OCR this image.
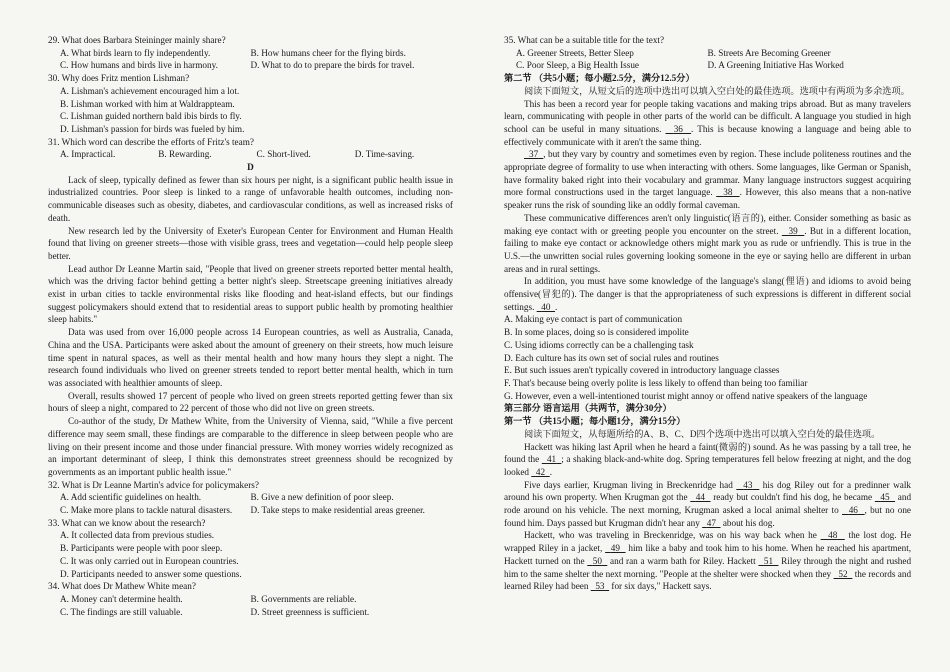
29. What does Barbara Steininger mainly share?
A. What birds learn to fly independently.	B. How humans cheer for the flying birds.
C. How humans and birds live in harmony.	D. What to do to prepare the birds for travel.
30. Why does Fritz mention Lishman?
A. Lishman's achievement encouraged him a lot.
B. Lishman worked with him at Waldrappteam.
C. Lishman guided northern bald ibis birds to fly.
D. Lishman's passion for birds was fueled by him.
31. Which word can describe the efforts of Fritz's team?
A. Impractical.	B. Rewarding.	C. Short-lived.	D. Time-saving.
D
Lack of sleep, typically defined as fewer than six hours per night, is a significant public health issue in industrialized countries. Poor sleep is linked to a range of unfavorable health outcomes, including non-communicable diseases such as obesity, diabetes, and cardiovascular conditions, as well as increased risks of death.
New research led by the University of Exeter's European Center for Environment and Human Health found that living on greener streets—those with visible grass, trees and vegetation—could help people sleep better.
Lead author Dr Leanne Martin said, "People that lived on greener streets reported better mental health, which was the driving factor behind getting a better night's sleep. Streetscape greening initiatives already exist in urban cities to tackle environmental risks like flooding and heat-island effects, but our findings suggest policymakers should extend that to residential areas to support public health by promoting healthier sleep habits."
Data was used from over 16,000 people across 14 European countries, as well as Australia, Canada, China and the USA. Participants were asked about the amount of greenery on their streets, how much leisure time spent in natural spaces, as well as their mental health and how many hours they slept a night. The research found individuals who lived on greener streets tended to report better mental health, which in turn was associated with healthier amounts of sleep.
Overall, results showed 17 percent of people who lived on green streets reported getting fewer than six hours of sleep a night, compared to 22 percent of those who did not live on green streets.
Co-author of the study, Dr Mathew White, from the University of Vienna, said, "While a five percent difference may seem small, these findings are comparable to the difference in sleep between people who are living on their present income and those under financial pressure. With money worries widely recognized as an important determinant of sleep, I think this demonstrates street greenness should be recognized by governments as an important public health issue."
32. What is Dr Leanne Martin's advice for policymakers?
A. Add scientific guidelines on health.	B. Give a new definition of poor sleep.
C. Make more plans to tackle natural disasters.	D. Take steps to make residential areas greener.
33. What can we know about the research?
A. It collected data from previous studies.
B. Participants were people with poor sleep.
C. It was only carried out in European countries.
D. Participants needed to answer some questions.
34. What does Dr Mathew White mean?
A. Money can't determine health.	B. Governments are reliable.
C. The findings are still valuable.	D. Street greenness is sufficient.
35. What can be a suitable title for the text?
A. Greener Streets, Better Sleep	B. Streets Are Becoming Greener
C. Poor Sleep, a Big Health Issue	D. A Greening Initiative Has Worked
第二节 （共5小题；每小题2.5分，满分12.5分）
阅读下面短文，从短文后的选项中选出可以填入空白处的最佳选项。选项中有两项为多余选项。
This has been a record year for people taking vacations and making trips abroad. But as many travelers learn, communicating with people in other parts of the world can be difficult. A language you studied in high school can be useful in many situations. 36 . This is because knowing a language and being able to effectively communicate with it aren't the same thing.
37 , but they vary by country and sometimes even by region. These include politeness routines and the appropriate degree of formality to use when interacting with others. Some languages, like German or Spanish, have formality baked right into their vocabulary and grammar. Many language instructors suggest acquiring more formal constructions used in the target language. 38 . However, this also means that a non-native speaker runs the risk of sounding like an oddly formal caveman.
These communicative differences aren't only linguistic(语言的), either. Consider something as basic as making eye contact with or greeting people you encounter on the street. 39 . But in a different location, failing to make eye contact or acknowledge others might mark you as rude or unfriendly. This is true in the U.S.—the unwritten social rules governing looking someone in the eye or saying hello are different in urban areas and in rural settings.
In addition, you must have some knowledge of the language's slang(俚语) and idioms to avoid being offensive(冒犯的). The danger is that the appropriateness of such expressions is different in different social settings. 40 .
A. Making eye contact is part of communication
B. In some places, doing so is considered impolite
C. Using idioms correctly can be a challenging task
D. Each culture has its own set of social rules and routines
E. But such issues aren't typically covered in introductory language classes
F. That's because being overly polite is less likely to offend than being too familiar
G. However, even a well-intentioned tourist might annoy or offend native speakers of the language
第三部分 语言运用（共两节，满分30分）
第一节 （共15小题；每小题1分，满分15分）
阅读下面短文，从每题所给的A、B、C、D四个选项中选出可以填入空白处的最佳选项。
Hackett was hiking last April when he heard a faint(微弱的) sound. As he was passing by a tall tree, he found the 41 ; a shaking black-and-white dog. Spring temperatures fell below freezing at night, and the dog looked 42 .
Five days earlier, Krugman living in Breckenridge had 43 his dog Riley out for a predinner walk around his own property. When Krugman got the 44 ready but couldn't find his dog, he became 45 and rode around on his vehicle. The next morning, Krugman asked a local animal shelter to 46 , but no one found him. Days passed but Krugman didn't hear any 47 about his dog.
Hackett, who was traveling in Breckenridge, was on his way back when he 48 the lost dog. He wrapped Riley in a jacket, 49 him like a baby and took him to his home. When he reached his apartment, Hackett turned on the 50 and ran a warm bath for Riley. Hackett 51 Riley through the night and rushed him to the same shelter the next morning. "People at the shelter were shocked when they 52 the records and learned Riley had been 53 for six days," Hackett says.
